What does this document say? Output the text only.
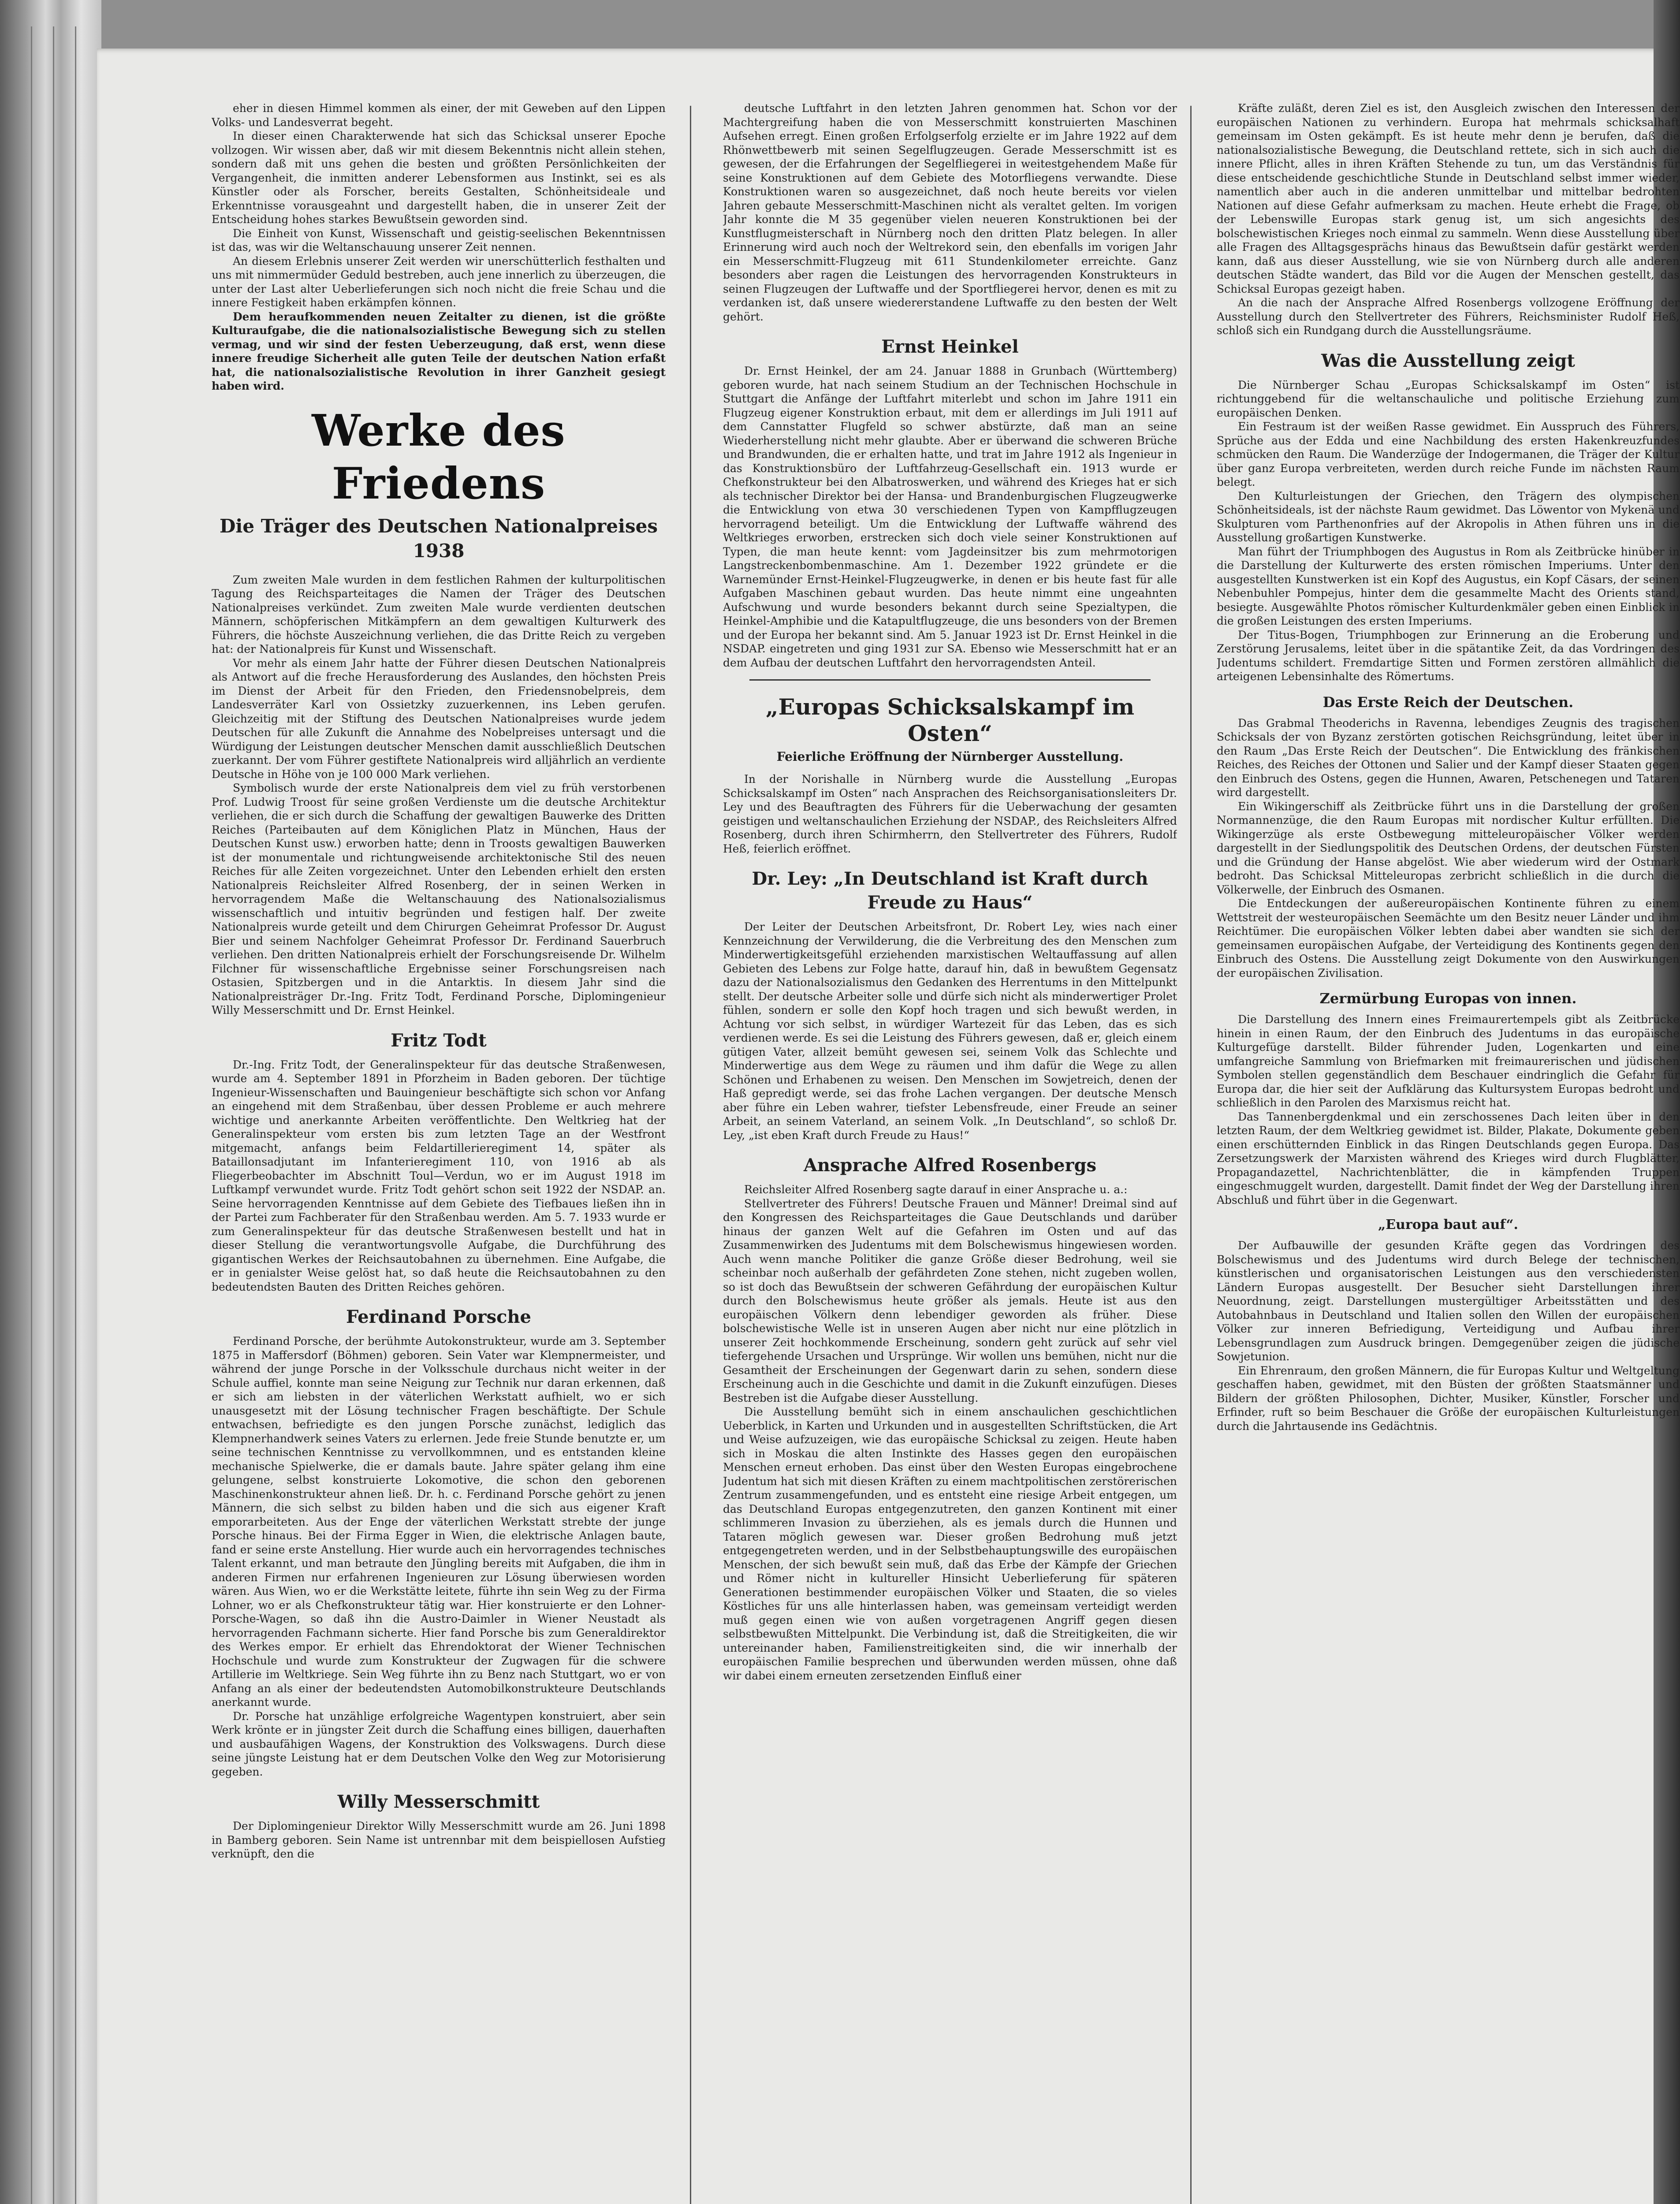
eher in diesen Himmel kommen als einer, der mit Geweben auf den Lippen Volks- und Landesverrat begeht.

In dieser einen Charakterwende hat sich das Schicksal unserer Epoche vollzogen. Wir wissen aber, daß wir mit diesem Bekenntnis nicht allein stehen, sondern daß mit uns gehen die besten und größten Persönlichkeiten der Vergangenheit, die inmitten anderer Lebensformen aus Instinkt, sei es als Künstler oder als Forscher, bereits Gestalten, Schönheitsideale und Erkenntnisse vorausgeahnt und dargestellt haben, die in unserer Zeit der Entscheidung hohes starkes Bewußtsein geworden sind.

Die Einheit von Kunst, Wissenschaft und geistig-seelischen Bekenntnissen ist das, was wir die Weltanschauung unserer Zeit nennen.

An diesem Erlebnis unserer Zeit werden wir unerschütterlich festhalten und uns mit nimmermüder Geduld bestreben, auch jene innerlich zu überzeugen, die unter der Last alter Ueberlieferungen sich noch nicht die freie Schau und die innere Festigkeit haben erkämpfen können.

Dem heraufkommenden neuen Zeitalter zu dienen, ist die größte Kulturaufgabe, die die nationalsozialistische Bewegung sich zu stellen vermag, und wir sind der festen Ueberzeugung, daß erst, wenn diese innere freudige Sicherheit alle guten Teile der deutschen Nation erfaßt hat, die nationalsozialistische Revolution in ihrer Ganzheit gesiegt haben wird.

Werke des Friedens
Die Träger des Deutschen Nationalpreises 1938

Zum zweiten Male wurden in dem festlichen Rahmen der kulturpolitischen Tagung des Reichsparteitages die Namen der Träger des Deutschen Nationalpreises verkündet. Zum zweiten Male wurde verdienten deutschen Männern, schöpferischen Mitkämpfern an dem gewaltigen Kulturwerk des Führers, die höchste Auszeichnung verliehen, die das Dritte Reich zu vergeben hat: der Nationalpreis für Kunst und Wissenschaft.

Vor mehr als einem Jahr hatte der Führer diesen Deutschen Nationalpreis als Antwort auf die freche Herausforderung des Auslandes, den höchsten Preis im Dienst der Arbeit für den Frieden, den Friedensnobelpreis, dem Landesverräter Karl von Ossietzky zuzuerkennen, ins Leben gerufen. Gleichzeitig mit der Stiftung des Deutschen Nationalpreises wurde jedem Deutschen für alle Zukunft die Annahme des Nobelpreises untersagt und die Würdigung der Leistungen deutscher Menschen damit ausschließlich Deutschen zuerkannt. Der vom Führer gestiftete Nationalpreis wird alljährlich an verdiente Deutsche in Höhe von je 100 000 Mark verliehen.

Symbolisch wurde der erste Nationalpreis dem viel zu früh verstorbenen Prof. Ludwig Troost für seine großen Verdienste um die deutsche Architektur verliehen, die er sich durch die Schaffung der gewaltigen Bauwerke des Dritten Reiches (Parteibauten auf dem Königlichen Platz in München, Haus der Deutschen Kunst usw.) erworben hatte; denn in Troosts gewaltigen Bauwerken ist der monumentale und richtungweisende architektonische Stil des neuen Reiches für alle Zeiten vorgezeichnet. Unter den Lebenden erhielt den ersten Nationalpreis Reichsleiter Alfred Rosenberg, der in seinen Werken in hervorragendem Maße die Weltanschauung des Nationalsozialismus wissenschaftlich und intuitiv begründen und festigen half. Der zweite Nationalpreis wurde geteilt und dem Chirurgen Geheimrat Professor Dr. August Bier und seinem Nachfolger Geheimrat Professor Dr. Ferdinand Sauerbruch verliehen. Den dritten Nationalpreis erhielt der Forschungsreisende Dr. Wilhelm Filchner für wissenschaftliche Ergebnisse seiner Forschungsreisen nach Ostasien, Spitzbergen und in die Antarktis. In diesem Jahr sind die Nationalpreisträger Dr.-Ing. Fritz Todt, Ferdinand Porsche, Diplomingenieur Willy Messerschmitt und Dr. Ernst Heinkel.

Fritz Todt

Dr.-Ing. Fritz Todt, der Generalinspekteur für das deutsche Straßenwesen, wurde am 4. September 1891 in Pforzheim in Baden geboren. Der tüchtige Ingenieur-Wissenschaften und Bauingenieur beschäftigte sich schon vor Anfang an eingehend mit dem Straßenbau, über dessen Probleme er auch mehrere wichtige und anerkannte Arbeiten veröffentlichte. Den Weltkrieg hat der Generalinspekteur vom ersten bis zum letzten Tage an der Westfront mitgemacht, anfangs beim Feldartillerieregiment 14, später als Bataillonsadjutant im Infanterieregiment 110, von 1916 ab als Fliegerbeobachter im Abschnitt Toul—Verdun, wo er im August 1918 im Luftkampf verwundet wurde. Fritz Todt gehört schon seit 1922 der NSDAP. an. Seine hervorragenden Kenntnisse auf dem Gebiete des Tiefbaues ließen ihn in der Partei zum Fachberater für den Straßenbau werden. Am 5. 7. 1933 wurde er zum Generalinspekteur für das deutsche Straßenwesen bestellt und hat in dieser Stellung die verantwortungsvolle Aufgabe, die Durchführung des gigantischen Werkes der Reichsautobahnen zu übernehmen. Eine Aufgabe, die er in genialster Weise gelöst hat, so daß heute die Reichsautobahnen zu den bedeutendsten Bauten des Dritten Reiches gehören.

Ferdinand Porsche

Ferdinand Porsche, der berühmte Autokonstrukteur, wurde am 3. September 1875 in Maffersdorf (Böhmen) geboren. Sein Vater war Klempnermeister, und während der junge Porsche in der Volksschule durchaus nicht weiter in der Schule auffiel, konnte man seine Neigung zur Technik nur daran erkennen, daß er sich am liebsten in der väterlichen Werkstatt aufhielt, wo er sich unausgesetzt mit der Lösung technischer Fragen beschäftigte. Der Schule entwachsen, befriedigte es den jungen Porsche zunächst, lediglich das Klempnerhandwerk seines Vaters zu erlernen. Jede freie Stunde benutzte er, um seine technischen Kenntnisse zu vervollkommnen, und es entstanden kleine mechanische Spielwerke, die er damals baute. Jahre später gelang ihm eine gelungene, selbst konstruierte Lokomotive, die schon den geborenen Maschinenkonstrukteur ahnen ließ. Dr. h. c. Ferdinand Porsche gehört zu jenen Männern, die sich selbst zu bilden haben und die sich aus eigener Kraft emporarbeiteten. Aus der Enge der väterlichen Werkstatt strebte der junge Porsche hinaus. Bei der Firma Egger in Wien, die elektrische Anlagen baute, fand er seine erste Anstellung. Hier wurde auch ein hervorragendes technisches Talent erkannt, und man betraute den Jüngling bereits mit Aufgaben, die ihm in anderen Firmen nur erfahrenen Ingenieuren zur Lösung überwiesen worden wären. Aus Wien, wo er die Werkstätte leitete, führte ihn sein Weg zu der Firma Lohner, wo er als Chefkonstrukteur tätig war. Hier konstruierte er den Lohner-Porsche-Wagen, so daß ihn die Austro-Daimler in Wiener Neustadt als hervorragenden Fachmann sicherte. Hier fand Porsche bis zum Generaldirektor des Werkes empor. Er erhielt das Ehrendoktorat der Wiener Technischen Hochschule und wurde zum Konstrukteur der Zugwagen für die schwere Artillerie im Weltkriege. Sein Weg führte ihn zu Benz nach Stuttgart, wo er von Anfang an als einer der bedeutendsten Automobilkonstrukteure Deutschlands anerkannt wurde.

Dr. Porsche hat unzählige erfolgreiche Wagentypen konstruiert, aber sein Werk krönte er in jüngster Zeit durch die Schaffung eines billigen, dauerhaften und ausbaufähigen Wagens, der Konstruktion des Volkswagens. Durch diese seine jüngste Leistung hat er dem Deutschen Volke den Weg zur Motorisierung gegeben.

Willy Messerschmitt

Der Diplomingenieur Direktor Willy Messerschmitt wurde am 26. Juni 1898 in Bamberg geboren. Sein Name ist untrennbar mit dem beispiellosen Aufstieg verknüpft, den die

deutsche Luftfahrt in den letzten Jahren genommen hat. Schon vor der Machtergreifung haben die von Messerschmitt konstruierten Maschinen Aufsehen erregt. Einen großen Erfolgserfolg erzielte er im Jahre 1922 auf dem Rhönwettbewerb mit seinen Segelflugzeugen. Gerade Messerschmitt ist es gewesen, der die Erfahrungen der Segelfliegerei in weitestgehendem Maße für seine Konstruktionen auf dem Gebiete des Motorfliegens verwandte. Diese Konstruktionen waren so ausgezeichnet, daß noch heute bereits vor vielen Jahren gebaute Messerschmitt-Maschinen nicht als veraltet gelten. Im vorigen Jahr konnte die M 35 gegenüber vielen neueren Konstruktionen bei der Kunstflugmeisterschaft in Nürnberg noch den dritten Platz belegen. In aller Erinnerung wird auch noch der Weltrekord sein, den ebenfalls im vorigen Jahr ein Messerschmitt-Flugzeug mit 611 Stundenkilometer erreichte. Ganz besonders aber ragen die Leistungen des hervorragenden Konstrukteurs in seinen Flugzeugen der Luftwaffe und der Sportfliegerei hervor, denen es mit zu verdanken ist, daß unsere wiedererstandene Luftwaffe zu den besten der Welt gehört.

Ernst Heinkel

Dr. Ernst Heinkel, der am 24. Januar 1888 in Grunbach (Württemberg) geboren wurde, hat nach seinem Studium an der Technischen Hochschule in Stuttgart die Anfänge der Luftfahrt miterlebt und schon im Jahre 1911 ein Flugzeug eigener Konstruktion erbaut, mit dem er allerdings im Juli 1911 auf dem Cannstatter Flugfeld so schwer abstürzte, daß man an seine Wiederherstellung nicht mehr glaubte. Aber er überwand die schweren Brüche und Brandwunden, die er erhalten hatte, und trat im Jahre 1912 als Ingenieur in das Konstruktionsbüro der Luftfahrzeug-Gesellschaft ein. 1913 wurde er Chefkonstrukteur bei den Albatroswerken, und während des Krieges hat er sich als technischer Direktor bei der Hansa- und Brandenburgischen Flugzeugwerke die Entwicklung von etwa 30 verschiedenen Typen von Kampfflugzeugen hervorragend beteiligt. Um die Entwicklung der Luftwaffe während des Weltkrieges erworben, erstrecken sich doch viele seiner Konstruktionen auf Typen, die man heute kennt: vom Jagdeinsitzer bis zum mehrmotorigen Langstreckenbombenmaschine. Am 1. Dezember 1922 gründete er die Warnemünder Ernst-Heinkel-Flugzeugwerke, in denen er bis heute fast für alle Aufgaben Maschinen gebaut wurden. Das heute nimmt eine ungeahnten Aufschwung und wurde besonders bekannt durch seine Spezialtypen, die Heinkel-Amphibie und die Katapultflugzeuge, die uns besonders von der Bremen und der Europa her bekannt sind. Am 5. Januar 1923 ist Dr. Ernst Heinkel in die NSDAP. eingetreten und ging 1931 zur SA. Ebenso wie Messerschmitt hat er an dem Aufbau der deutschen Luftfahrt den hervorragendsten Anteil.

„Europas Schicksalskampf im Osten“
Feierliche Eröffnung der Nürnberger Ausstellung.

In der Norishalle in Nürnberg wurde die Ausstellung „Europas Schicksalskampf im Osten“ nach Ansprachen des Reichsorganisationsleiters Dr. Ley und des Beauftragten des Führers für die Ueberwachung der gesamten geistigen und weltanschaulichen Erziehung der NSDAP., des Reichsleiters Alfred Rosenberg, durch ihren Schirmherrn, den Stellvertreter des Führers, Rudolf Heß, feierlich eröffnet.

Dr. Ley: „In Deutschland ist Kraft durch Freude zu Haus“

Der Leiter der Deutschen Arbeitsfront, Dr. Robert Ley, wies nach einer Kennzeichnung der Verwilderung, die die Verbreitung des den Menschen zum Minderwertigkeitsgefühl erziehenden marxistischen Weltauffassung auf allen Gebieten des Lebens zur Folge hatte, darauf hin, daß in bewußtem Gegensatz dazu der Nationalsozialismus den Gedanken des Herrentums in den Mittelpunkt stellt. Der deutsche Arbeiter solle und dürfe sich nicht als minderwertiger Prolet fühlen, sondern er solle den Kopf hoch tragen und sich bewußt werden, in Achtung vor sich selbst, in würdiger Wartezeit für das Leben, das es sich verdienen werde. Es sei die Leistung des Führers gewesen, daß er, gleich einem gütigen Vater, allzeit bemüht gewesen sei, seinem Volk das Schlechte und Minderwertige aus dem Wege zu räumen und ihm dafür die Wege zu allen Schönen und Erhabenen zu weisen. Den Menschen im Sowjetreich, denen der Haß gepredigt werde, sei das frohe Lachen vergangen. Der deutsche Mensch aber führe ein Leben wahrer, tiefster Lebensfreude, einer Freude an seiner Arbeit, an seinem Vaterland, an seinem Volk. „In Deutschland“, so schloß Dr. Ley, „ist eben Kraft durch Freude zu Haus!“

Ansprache Alfred Rosenbergs

Reichsleiter Alfred Rosenberg sagte darauf in einer Ansprache u. a.:

Stellvertreter des Führers! Deutsche Frauen und Männer! Dreimal sind auf den Kongressen des Reichsparteitages die Gaue Deutschlands und darüber hinaus der ganzen Welt auf die Gefahren im Osten und auf das Zusammenwirken des Judentums mit dem Bolschewismus hingewiesen worden. Auch wenn manche Politiker die ganze Größe dieser Bedrohung, weil sie scheinbar noch außerhalb der gefährdeten Zone stehen, nicht zugeben wollen, so ist doch das Bewußtsein der schweren Gefährdung der europäischen Kultur durch den Bolschewismus heute größer als jemals. Heute ist aus den europäischen Völkern denn lebendiger geworden als früher. Diese bolschewistische Welle ist in unseren Augen aber nicht nur eine plötzlich in unserer Zeit hochkommende Erscheinung, sondern geht zurück auf sehr viel tiefergehende Ursachen und Ursprünge. Wir wollen uns bemühen, nicht nur die Gesamtheit der Erscheinungen der Gegenwart darin zu sehen, sondern diese Erscheinung auch in die Geschichte und damit in die Zukunft einzufügen. Dieses Bestreben ist die Aufgabe dieser Ausstellung.

Die Ausstellung bemüht sich in einem anschaulichen geschichtlichen Ueberblick, in Karten und Urkunden und in ausgestellten Schriftstücken, die Art und Weise aufzuzeigen, wie das europäische Schicksal zu zeigen. Heute haben sich in Moskau die alten Instinkte des Hasses gegen den europäischen Menschen erneut erhoben. Das einst über den Westen Europas eingebrochene Judentum hat sich mit diesen Kräften zu einem machtpolitischen zerstörerischen Zentrum zusammengefunden, und es entsteht eine riesige Arbeit entgegen, um das Deutschland Europas entgegenzutreten, den ganzen Kontinent mit einer schlimmeren Invasion zu überziehen, als es jemals durch die Hunnen und Tataren möglich gewesen war. Dieser großen Bedrohung muß jetzt entgegengetreten werden, und in der Selbstbehauptungswille des europäischen Menschen, der sich bewußt sein muß, daß das Erbe der Kämpfe der Griechen und Römer nicht in kultureller Hinsicht Ueberlieferung für späteren Generationen bestimmender europäischen Völker und Staaten, die so vieles Köstliches für uns alle hinterlassen haben, was gemeinsam verteidigt werden muß gegen einen wie von außen vorgetragenen Angriff gegen diesen selbstbewußten Mittelpunkt. Die Verbindung ist, daß die Streitigkeiten, die wir untereinander haben, Familienstreitigkeiten sind, die wir innerhalb der europäischen Familie besprechen und überwunden werden müssen, ohne daß wir dabei einem erneuten zersetzenden Einfluß einer

Kräfte zuläßt, deren Ziel es ist, den Ausgleich zwischen den Interessen der europäischen Nationen zu verhindern. Europa hat mehrmals schicksalhaft gemeinsam im Osten gekämpft. Es ist heute mehr denn je berufen, daß die nationalsozialistische Bewegung, die Deutschland rettete, sich in sich auch die innere Pflicht, alles in ihren Kräften Stehende zu tun, um das Verständnis für diese entscheidende geschichtliche Stunde in Deutschland selbst immer wieder, namentlich aber auch in die anderen unmittelbar und mittelbar bedrohten Nationen auf diese Gefahr aufmerksam zu machen. Heute erhebt die Frage, ob der Lebenswille Europas stark genug ist, um sich angesichts des bolschewistischen Krieges noch einmal zu sammeln. Wenn diese Ausstellung über alle Fragen des Alltagsgesprächs hinaus das Bewußtsein dafür gestärkt werden kann, daß aus dieser Ausstellung, wie sie von Nürnberg durch alle anderen deutschen Städte wandert, das Bild vor die Augen der Menschen gestellt, das Schicksal Europas gezeigt haben.

An die nach der Ansprache Alfred Rosenbergs vollzogene Eröffnung der Ausstellung durch den Stellvertreter des Führers, Reichsminister Rudolf Heß, schloß sich ein Rundgang durch die Ausstellungsräume.

Was die Ausstellung zeigt

Die Nürnberger Schau „Europas Schicksalskampf im Osten“ ist richtunggebend für die weltanschauliche und politische Erziehung zum europäischen Denken.

Ein Festraum ist der weißen Rasse gewidmet. Ein Ausspruch des Führers, Sprüche aus der Edda und eine Nachbildung des ersten Hakenkreuzfundes schmücken den Raum. Die Wanderzüge der Indogermanen, die Träger der Kultur über ganz Europa verbreiteten, werden durch reiche Funde im nächsten Raum belegt.

Den Kulturleistungen der Griechen, den Trägern des olympischen Schönheitsideals, ist der nächste Raum gewidmet. Das Löwentor von Mykenä und Skulpturen vom Parthenonfries auf der Akropolis in Athen führen uns in die Ausstellung großartigen Kunstwerke.

Man führt der Triumphbogen des Augustus in Rom als Zeitbrücke hinüber in die Darstellung der Kulturwerte des ersten römischen Imperiums. Unter den ausgestellten Kunstwerken ist ein Kopf des Augustus, ein Kopf Cäsars, der seinen Nebenbuhler Pompejus, hinter dem die gesammelte Macht des Orients stand, besiegte. Ausgewählte Photos römischer Kulturdenkmäler geben einen Einblick in die großen Leistungen des ersten Imperiums.

Der Titus-Bogen, Triumphbogen zur Erinnerung an die Eroberung und Zerstörung Jerusalems, leitet über in die spätantike Zeit, da das Vordringen des Judentums schildert. Fremdartige Sitten und Formen zerstören allmählich die arteigenen Lebensinhalte des Römertums.

Das Erste Reich der Deutschen.

Das Grabmal Theoderichs in Ravenna, lebendiges Zeugnis des tragischen Schicksals der von Byzanz zerstörten gotischen Reichsgründung, leitet über in den Raum „Das Erste Reich der Deutschen“. Die Entwicklung des fränkischen Reiches, des Reiches der Ottonen und Salier und der Kampf dieser Staaten gegen den Einbruch des Ostens, gegen die Hunnen, Awaren, Petschenegen und Tataren wird dargestellt.

Ein Wikingerschiff als Zeitbrücke führt uns in die Darstellung der großen Normannenzüge, die den Raum Europas mit nordischer Kultur erfüllten. Die Wikingerzüge als erste Ostbewegung mitteleuropäischer Völker werden dargestellt in der Siedlungspolitik des Deutschen Ordens, der deutschen Fürsten und die Gründung der Hanse abgelöst. Wie aber wiederum wird der Ostmark bedroht. Das Schicksal Mitteleuropas zerbricht schließlich in die durch die Völkerwelle, der Einbruch des Osmanen.

Die Entdeckungen der außereuropäischen Kontinente führen zu einem Wettstreit der westeuropäischen Seemächte um den Besitz neuer Länder und ihm Reichtümer. Die europäischen Völker lebten dabei aber wandten sie sich der gemeinsamen europäischen Aufgabe, der Verteidigung des Kontinents gegen den Einbruch des Ostens. Die Ausstellung zeigt Dokumente von den Auswirkungen der europäischen Zivilisation.

Zermürbung Europas von innen.

Die Darstellung des Innern eines Freimaurertempels gibt als Zeitbrücke hinein in einen Raum, der den Einbruch des Judentums in das europäische Kulturgefüge darstellt. Bilder führender Juden, Logenkarten und eine umfangreiche Sammlung von Briefmarken mit freimaurerischen und jüdischen Symbolen stellen gegenständlich dem Beschauer eindringlich die Gefahr für Europa dar, die hier seit der Aufklärung das Kultursystem Europas bedroht und schließlich in den Parolen des Marxismus reicht hat.

Das Tannenbergdenkmal und ein zerschossenes Dach leiten über in den letzten Raum, der dem Weltkrieg gewidmet ist. Bilder, Plakate, Dokumente geben einen erschütternden Einblick in das Ringen Deutschlands gegen Europa. Das Zersetzungswerk der Marxisten während des Krieges wird durch Flugblätter, Propagandazettel, Nachrichtenblätter, die in kämpfenden Truppen eingeschmuggelt wurden, dargestellt. Damit findet der Weg der Darstellung ihren Abschluß und führt über in die Gegenwart.

„Europa baut auf“.

Der Aufbauwille der gesunden Kräfte gegen das Vordringen des Bolschewismus und des Judentums wird durch Belege der technischen, künstlerischen und organisatorischen Leistungen aus den verschiedensten Ländern Europas ausgestellt. Der Besucher sieht Darstellungen ihrer Neuordnung, zeigt. Darstellungen mustergültiger Arbeitsstätten und des Autobahnbaus in Deutschland und Italien sollen den Willen der europäischen Völker zur inneren Befriedigung, Verteidigung und Aufbau ihrer Lebensgrundlagen zum Ausdruck bringen. Demgegenüber zeigen die jüdische Sowjetunion.

Ein Ehrenraum, den großen Männern, die für Europas Kultur und Weltgeltung geschaffen haben, gewidmet, mit den Büsten der größten Staatsmänner und Bildern der größten Philosophen, Dichter, Musiker, Künstler, Forscher und Erfinder, ruft so beim Beschauer die Größe der europäischen Kulturleistungen durch die Jahrtausende ins Gedächtnis.
